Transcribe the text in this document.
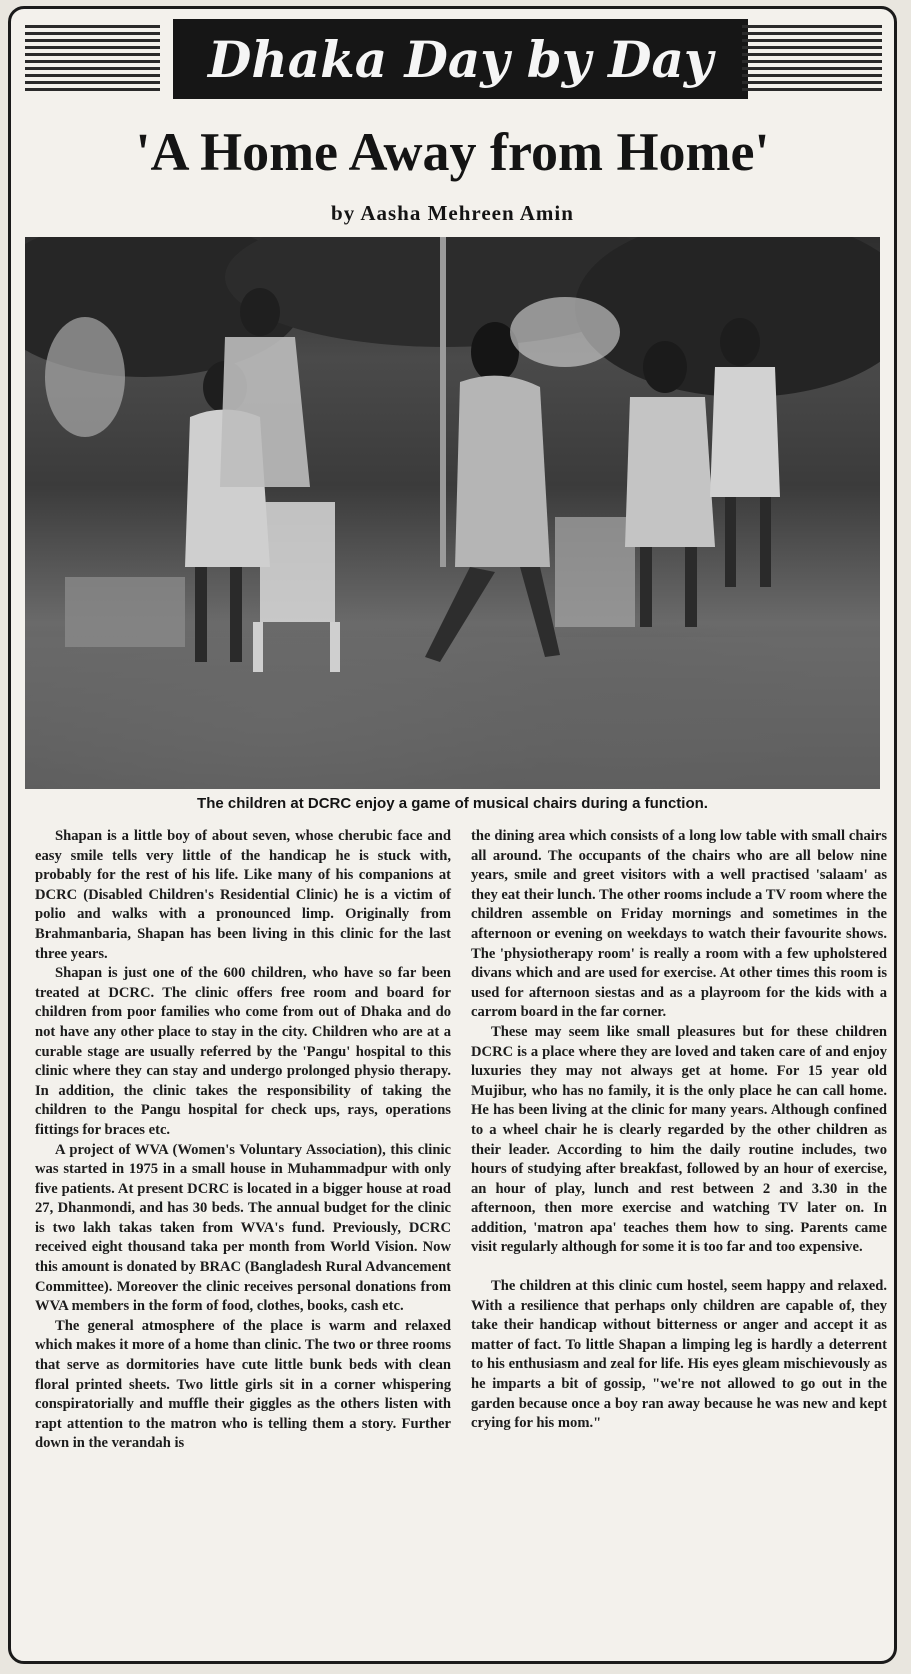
Dhaka Day by Day
'A Home Away from Home'
by Aasha Mehreen Amin
The children at DCRC enjoy a game of musical chairs during a function.

Shapan is a little boy of about seven, whose cherubic face and easy smile tells very little of the handicap he is stuck with, probably for the rest of his life. Like many of his companions at DCRC (Disabled Children's Residential Clinic) he is a victim of polio and walks with a pronounced limp. Originally from Brahmanbaria, Shapan has been living in this clinic for the last three years.

Shapan is just one of the 600 children, who have so far been treated at DCRC. The clinic offers free room and board for children from poor families who come from out of Dhaka and do not have any other place to stay in the city. Children who are at a curable stage are usually referred by the 'Pangu' hospital to this clinic where they can stay and undergo prolonged physio therapy. In addition, the clinic takes the responsibility of taking the children to the Pangu hospital for check ups, rays, operations fittings for braces etc.

A project of WVA (Women's Voluntary Association), this clinic was started in 1975 in a small house in Muhammadpur with only five patients. At present DCRC is located in a bigger house at road 27, Dhanmondi, and has 30 beds. The annual budget for the clinic is two lakh takas taken from WVA's fund. Previously, DCRC received eight thousand taka per month from World Vision. Now this amount is donated by BRAC (Bangladesh Rural Advancement Committee). Moreover the clinic receives personal donations from WVA members in the form of food, clothes, books, cash etc.

The general atmosphere of the place is warm and relaxed which makes it more of a home than clinic. The two or three rooms that serve as dormitories have cute little bunk beds with clean floral printed sheets. Two little girls sit in a corner whispering conspiratorially and muffle their giggles as the others listen with rapt attention to the matron who is telling them a story. Further down in the verandah is

the dining area which consists of a long low table with small chairs all around. The occupants of the chairs who are all below nine years, smile and greet visitors with a well practised 'salaam' as they eat their lunch. The other rooms include a TV room where the children assemble on Friday mornings and sometimes in the afternoon or evening on weekdays to watch their favourite shows. The 'physiotherapy room' is really a room with a few upholstered divans which and are used for exercise. At other times this room is used for afternoon siestas and as a playroom for the kids with a carrom board in the far corner.

These may seem like small pleasures but for these children DCRC is a place where they are loved and taken care of and enjoy luxuries they may not always get at home. For 15 year old Mujibur, who has no family, it is the only place he can call home. He has been living at the clinic for many years. Although confined to a wheel chair he is clearly regarded by the other children as their leader. According to him the daily routine includes, two hours of studying after breakfast, followed by an hour of exercise, an hour of play, lunch and rest between 2 and 3.30 in the afternoon, then more exercise and watching TV later on. In addition, 'matron apa' teaches them how to sing. Parents came visit regularly although for some it is too far and too expensive.

The children at this clinic cum hostel, seem happy and relaxed. With a resilience that perhaps only children are capable of, they take their handicap without bitterness or anger and accept it as matter of fact. To little Shapan a limping leg is hardly a deterrent to his enthusiasm and zeal for life. His eyes gleam mischievously as he imparts a bit of gossip, "we're not allowed to go out in the garden because once a boy ran away because he was new and kept crying for his mom."
